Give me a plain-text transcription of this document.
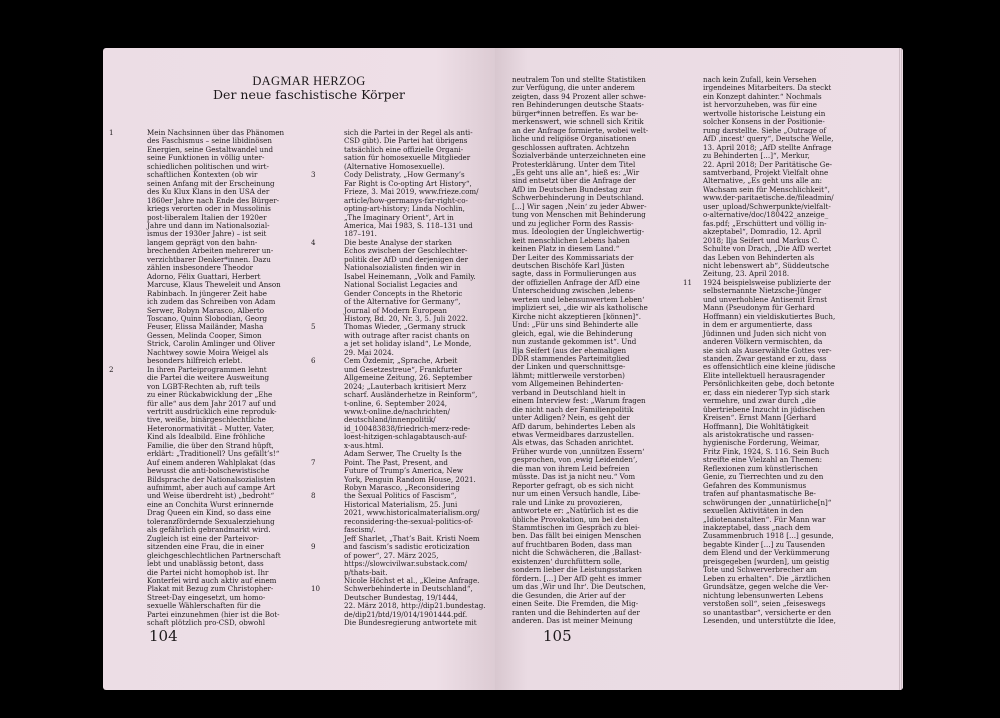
DAGMAR HERZOG
Der neue faschistische Körper
1	Mein Nachsinnen über das Phänomen
des Faschismus – seine libidinösen
Energien, seine Gestaltwandel und
seine Funktionen in völlig unter-
schiedlichen politischen und wirt-
schaftlichen Kontexten (ob wir
seinen Anfang mit der Erscheinung
des Ku Klux Klans in den USA der
1860er Jahre nach Ende des Bürger-
kriegs verorten oder in Mussolinis
post-liberalem Italien der 1920er
Jahre und dann im Nationalsozial-
ismus der 1930er Jahre) – ist seit
langem geprägt von den bahn-
brechenden Arbeiten mehrerer un-
verzichtbarer Denker*innen. Dazu
zählen insbesondere Theodor
Adorno, Félix Guattari, Herbert
Marcuse, Klaus Theweleit und Anson
Rabinbach. In jüngerer Zeit habe
ich zudem das Schreiben von Adam
Serwer, Robyn Marasco, Alberto
Toscano, Quinn Slobodian, Georg
Feuser, Elissa Mailänder, Masha
Gessen, Melinda Cooper, Simon
Strick, Carolin Amlinger und Oliver
Nachtwey sowie Moira Weigel als
besonders hilfreich erlebt.
2	In ihren Parteiprogrammen lehnt
die Partei die weitere Ausweitung
von LGBT-Rechten ab, ruft teils
zu einer Rückabwicklung der „Ehe
für alle“ aus dem Jahr 2017 auf und
vertritt ausdrücklich eine reproduk-
tive, weiße, binärgeschlechtliche
Heteronormativität – Mutter, Vater,
Kind als Idealbild. Eine fröhliche
Familie, die über den Strand hüpft,
erklärt: „Traditionell? Uns gefällt’s!“
Auf einem anderen Wahlplakat (das
bewusst die anti-bolschewistische
Bildsprache der Nationalsozialisten
aufnimmt, aber auch auf campe Art
und Weise überdreht ist) „bedroht“
eine an Conchita Wurst erinnernde
Drag Queen ein Kind, so dass eine
toleranzfördernde Sexualerziehung
als gefährlich gebrandmarkt wird.
Zugleich ist eine der Parteivor-
sitzenden eine Frau, die in einer
gleichgeschlechtlichen Partnerschaft
lebt und unablässig betont, dass
die Partei nicht homophob ist. Ihr
Konterfei wird auch aktiv auf einem
Plakat mit Bezug zum Christopher-
Street-Day eingesetzt, um homo-
sexuelle Wählerschaften für die
Partei einzunehmen (hier ist die Bot-
schaft plötzlich pro-CSD, obwohl
sich die Partei in der Regel als anti-
CSD gibt). Die Partei hat übrigens
tatsächlich eine offizielle Organi-
sation für homosexuelle Mitglieder
(Alternative Homosexuelle).
Cody Delistraty, „How Germany’s
Far Right is Co-opting Art History“,
Frieze, 3. Mai 2019, www.frieze.com/
article/how-germanys-far-right-co-
opting-art-history; Linda Nochlin,
„The Imaginary Orient“, Art in
America, Mai 1983, S. 118–131 und
187–191.
Die beste Analyse der starken
Echos zwischen der Geschlechter-
politik der AfD und derjenigen der
Nationalsozialisten finden wir in
Isabel Heinemann, „Volk and Family.
National Socialist Legacies and
Gender Concepts in the Rhetoric
of the Alternative for Germany“,
Journal of Modern European
History, Bd. 20, Nr. 3, 5. Juli 2022.
Thomas Wieder, „Germany struck
with outrage after racist chants on
a jet set holiday island“, Le Monde,
29. Mai 2024.
Cem Özdemir, „Sprache, Arbeit
und Gesetzestreue“, Frankfurter
Allgemeine Zeitung, 26. September
2024; „Lauterbach kritisiert Merz
scharf. Ausländerhetze in Reinform“,
t-online, 6. September 2024,
www.t-online.de/nachrichten/
deutschland/innenpolitik/
id_100483838/friedrich-merz-rede-
loest-hitzigen-schlagabtausch-auf-
x-aus.html.
Adam Serwer, The Cruelty Is the
Point. The Past, Present, and
Future of Trump’s America, New
York, Penguin Random House, 2021.
Robyn Marasco, „Reconsidering
the Sexual Politics of Fascism“,
Historical Materialism, 25. Juni
2021, www.historicalmaterialism.org/
reconsidering-the-sexual-politics-of-
fascism/.
Jeff Sharlet, „That’s Bait. Kristi Noem
and fascism’s sadistic eroticization
of power“, 27. März 2025,
https://slowcivilwar.substack.com/
p/thats-bait.
Nicole Höchst et al., „Kleine Anfrage.
Schwerbehinderte in Deutschland“,
Deutscher Bundestag, 19/1444,
22. März 2018, http://dip21.bundestag.
de/dip21/btd/19/014/1901444.pdf.
Die Bundesregierung antwortete mit
3
4
5
6
7
8
9
10
104
neutralem Ton und stellte Statistiken
zur Verfügung, die unter anderem
zeigten, dass 94 Prozent aller schwe-
ren Behinderungen deutsche Staats-
bürger*innen betreffen. Es war be-
merkenswert, wie schnell sich Kritik
an der Anfrage formierte, wobei welt-
liche und religiöse Organisationen
geschlossen auftraten. Achtzehn
Sozialverbände unterzeichneten eine
Protesterklärung. Unter dem Titel
„Es geht uns alle an“, hieß es: „Wir
sind entsetzt über die Anfrage der
AfD im Deutschen Bundestag zur
Schwerbehinderung in Deutschland.
[…] Wir sagen ‚Nein‘ zu jeder Abwer-
tung von Menschen mit Behinderung
und zu jeglicher Form des Rassis-
mus. Ideologien der Ungleichwertig-
keit menschlichen Lebens haben
keinen Platz in diesem Land.“
Der Leiter des Kommissariats der
deutschen Bischöfe Karl Jüsten
sagte, dass in Formulierungen aus
der offiziellen Anfrage der AfD eine
Unterscheidung zwischen ‚lebens-
wertem und lebensunwertem Leben‘
impliziert sei, „die wir als katholische
Kirche nicht akzeptieren [können]“.
Und: „Für uns sind Behinderte alle
gleich, egal, wie die Behinderung
nun zustande gekommen ist“. Und
Ilja Seifert (aus der ehemaligen
DDR stammendes Parteimitglied
der Linken und querschnittsge-
lähmt; mittlerweile verstorben)
vom Allgemeinen Behinderten-
verband in Deutschland hielt in
einem Interview fest: „Warum fragen
die nicht nach der Familienpolitik
unter Adligen? Nein, es geht der
AfD darum, behindertes Leben als
etwas Vermeidbares darzustellen.
Als etwas, das Schaden anrichtet.
Früher wurde von ‚unnützen Essern‘
gesprochen, von ‚ewig Leidenden‘,
die man von ihrem Leid befreien
müsste. Das ist ja nicht neu.“ Vom
Reporter gefragt, ob es sich nicht
nur um einen Versuch handle, Libe-
rale und Linke zu provozieren,
antwortete er: „Natürlich ist es die
übliche Provokation, um bei den
Stammtischen im Gespräch zu blei-
ben. Das fällt bei einigen Menschen
auf fruchtbaren Boden, dass man
nicht die Schwächeren, die ‚Ballast-
existenzen‘ durchfüttern solle,
sondern lieber die Leistungsstarken
fördern. […] Der AfD geht es immer
um das ‚Wir und Ihr‘. Die Deutschen,
die Gesunden, die Arier auf der
einen Seite. Die Fremden, die Mig-
ranten und die Behinderten auf der
anderen. Das ist meiner Meinung
nach kein Zufall, kein Versehen
irgendeines Mitarbeiters. Da steckt
ein Konzept dahinter.“ Nochmals
ist hervorzuheben, was für eine
wertvolle historische Leistung ein
solcher Konsens in der Positionie-
rung darstellte. Siehe „Outrage of
AfD ‚incest‘ query“, Deutsche Welle,
13. April 2018; „AfD stellte Anfrage
zu Behinderten […]“, Merkur,
22. April 2018; Der Paritätische Ge-
samtverband, Projekt Vielfalt ohne
Alternative, „Es geht uns alle an:
Wachsam sein für Menschlichkeit“,
www.der-paritaetische.de/fileadmin/
user_upload/Schwerpunkte/vielfalt-
o-alternative/doc/180422_anzeige_
fas.pdf; „Erschüttert und völlig in-
akzeptabel“, Domradio, 12. April
2018; Ilja Seifert und Markus C.
Schulte von Drach, „Die AfD wertet
das Leben von Behinderten als
nicht lebenswert ab“, Süddeutsche
Zeitung, 23. April 2018.
1924 beispielsweise publizierte der
selbsternannte Nietzsche-Jünger
und unverhohlene Antisemit Ernst
Mann (Pseudonym für Gerhard
Hoffmann) ein vieldiskutiertes Buch,
in dem er argumentierte, dass
Jüdinnen und Juden sich nicht von
anderen Völkern vermischten, da
sie sich als Auserwählte Gottes ver-
standen. Zwar gestand er zu, dass
es offensichtlich eine kleine jüdische
Elite intellektuell herausragender
Persönlichkeiten gebe, doch betonte
er, dass ein niederer Typ sich stark
vermehre, und zwar durch „die
übertriebene Inzucht in jüdischen
Kreisen“. Ernst Mann [Gerhard
Hoffmann], Die Wohltätigkeit
als aristokratische und rassen-
hygienische Forderung, Weimar,
Fritz Fink, 1924, S. 116. Sein Buch
streifte eine Vielzahl an Themen:
Reflexionen zum künstlerischen
Genie, zu Tierrechten und zu den
Gefahren des Kommunismus
trafen auf phantasmatische Be-
schwörungen der „unnatürliche[n]“
sexuellen Aktivitäten in den
„Idiotenanstalten“. Für Mann war
inakzeptabel, dass „nach dem
Zusammenbruch 1918 […] gesunde,
begabte Kinder […] zu Tausenden
dem Elend und der Verkümmerung
preisgegeben [wurden], um geistig
Tote und Schwerverbrecher am
Leben zu erhalten“. Die „ärztlichen
Grundsätze, gegen welche die Ver-
nichtung lebensunwerten Lebens
verstoßen soll“, seien „feiseswegs
so unantastbar“, versicherte er den
Lesenden, und unterstützte die Idee,
11
105
